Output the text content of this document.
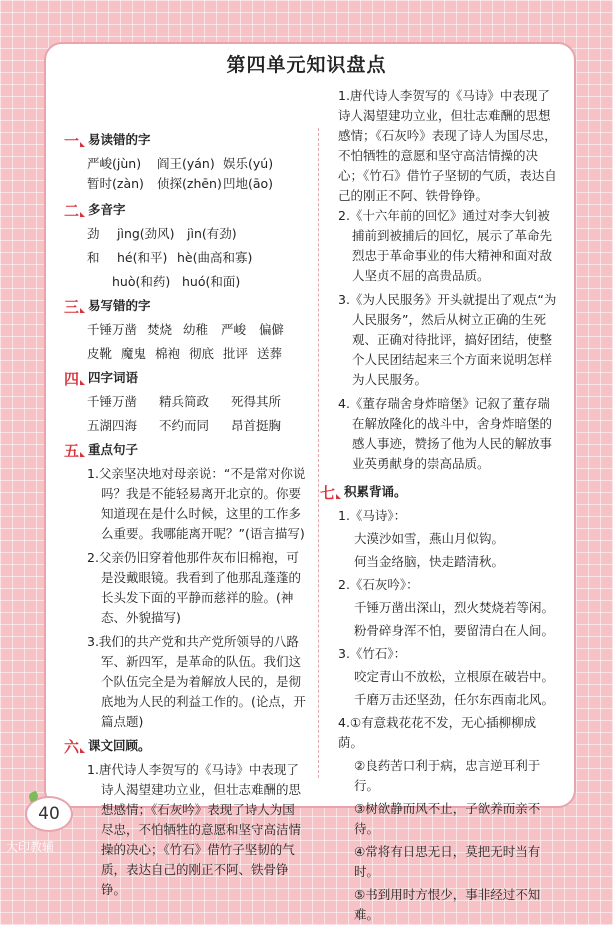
第四单元知识盘点
一 易读错的字
严峻(jùn) 阎王(yán) 娱乐(yú)
暂时(zàn) 侦探(zhēn)凹地(āo)
二 多音字
劲 jìng(劲风) jìn(有劲)
和 hé(和平) hè(曲高和寡)
huò(和药) huó(和面)
三 易写错的字
千锤万凿 焚烧 幼稚 严峻 偏僻
皮靴 魔鬼 棉袍 彻底 批评 送葬
四 四字词语
千锤万凿 精兵简政 死得其所
五湖四海 不约而同 昂首挺胸
五 重点句子
1.父亲坚决地对母亲说：“不是常对你说吗？我是不能轻易离开北京的。你要知道现在是什么时候，这里的工作多么重要。我哪能离开呢？”(语言描写)
2.父亲仍旧穿着他那件灰布旧棉袍，可是没戴眼镜。我看到了他那乱蓬蓬的长头发下面的平静而慈祥的脸。(神态、外貌描写)
3.我们的共产党和共产党所领导的八路军、新四军，是革命的队伍。我们这个队伍完全是为着解放人民的，是彻底地为人民的利益工作的。(论点，开篇点题)
六 课文回顾。
1.唐代诗人李贺写的《马诗》中表现了诗人渴望建功立业，但壮志难酬的思想感情；《石灰吟》表现了诗人为国尽忠，不怕牺牲的意愿和坚守高洁情操的决心；《竹石》借竹子坚韧的气质，表达自己的刚正不阿、铁骨铮铮。
1.唐代诗人李贺写的《马诗》中表现了诗人渴望建功立业，但壮志难酬的思想感情；《石灰吟》表现了诗人为国尽忠，不怕牺牲的意愿和坚守高洁情操的决心；《竹石》借竹子坚韧的气质，表达自己的刚正不阿、铁骨铮铮。
2.《十六年前的回忆》通过对李大钊被捕前到被捕后的回忆，展示了革命先烈忠于革命事业的伟大精神和面对敌人坚贞不屈的高贵品质。
3.《为人民服务》开头就提出了观点“为人民服务”，然后从树立正确的生死观、正确对待批评，搞好团结，使整个人民团结起来三个方面来说明怎样为人民服务。
4.《董存瑞舍身炸暗堡》记叙了董存瑞在解放隆化的战斗中，舍身炸暗堡的感人事迹，赞扬了他为人民的解放事业英勇献身的崇高品质。
七 积累背诵。
1.《马诗》：
大漠沙如雪，燕山月似钩。
何当金络脑，快走踏清秋。
2.《石灰吟》：
千锤万凿出深山，烈火焚烧若等闲。
粉骨碎身浑不怕，要留清白在人间。
3.《竹石》：
咬定青山不放松，立根原在破岩中。
千磨万击还坚劲，任尔东西南北风。
4.①有意栽花花不发，无心插柳柳成荫。
②良药苦口利于病，忠言逆耳利于行。
③树欲静而风不止，子欲养而亲不待。
④常将有日思无日，莫把无时当有时。
⑤书到用时方恨少，事非经过不知难。
40
大印教辅
